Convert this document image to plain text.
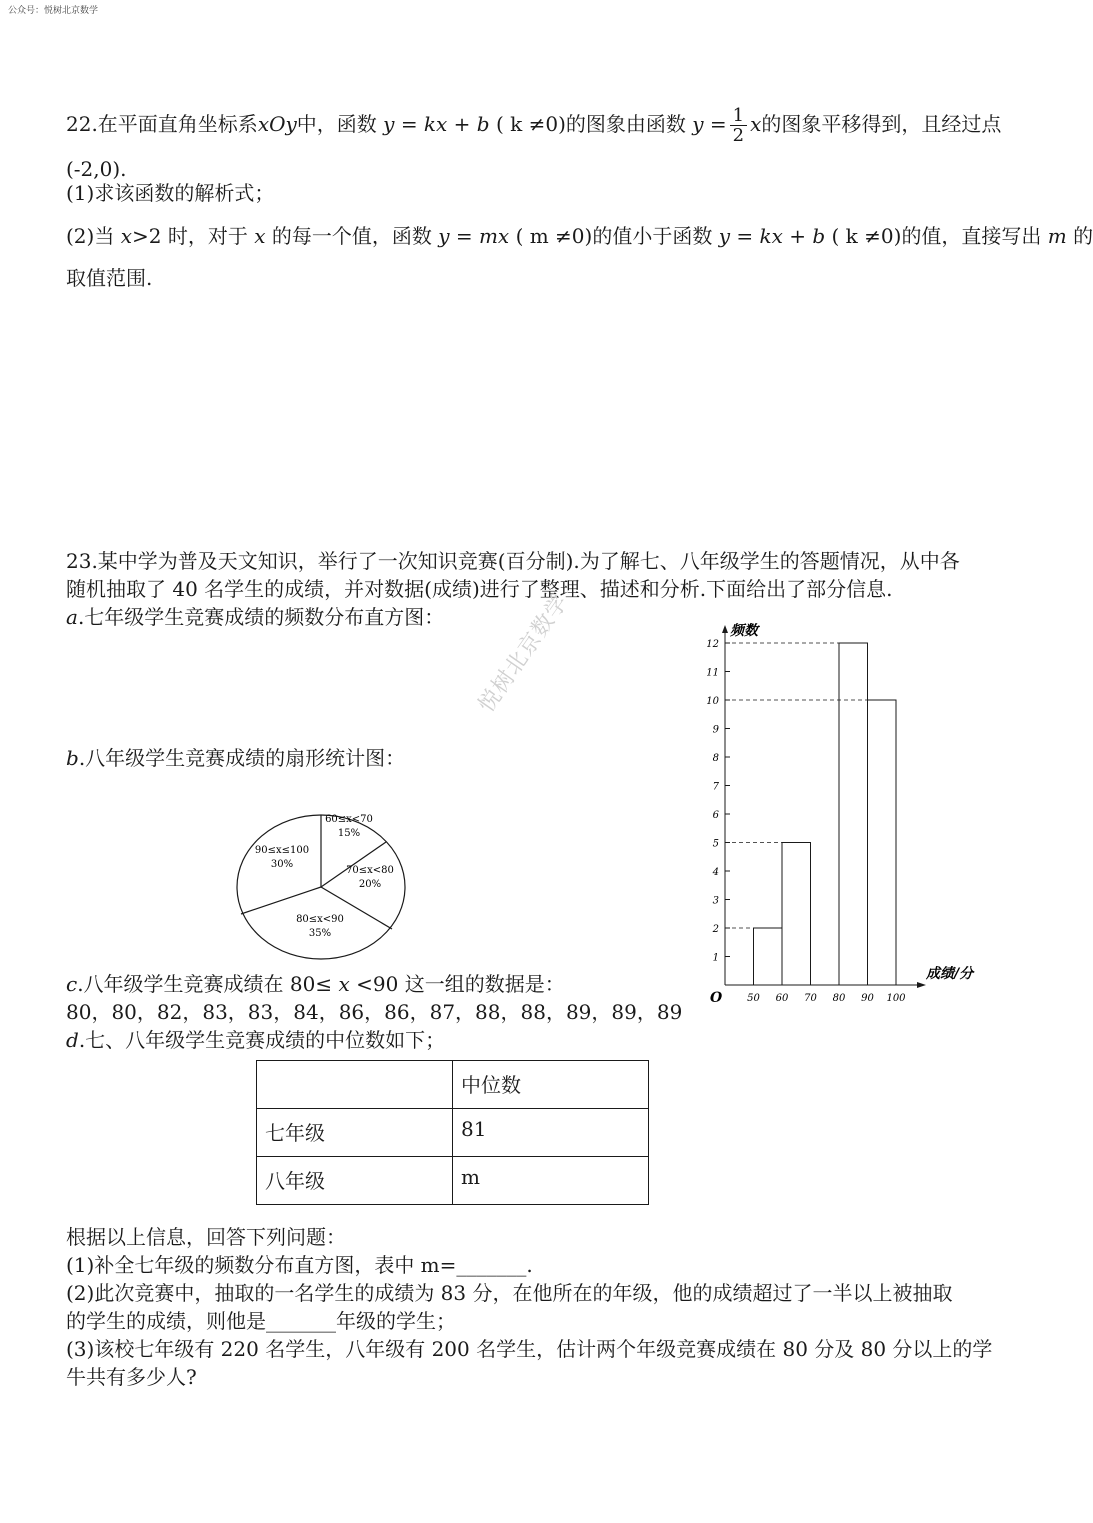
公众号：悦树北京数学
22.在平面直角坐标系xOy中，函数 y = kx + b ( k ≠0)的图象由函数 $y = \frac{1}{2}$ x的图象平移得到，且经过点
(-2,0).
(1)求该函数的解析式；
(2)当 x>2 时，对于 x 的每一个值，函数 y = mx ( m ≠0)的值小于函数 y = kx + b ( k ≠0)的值，直接写出 m 的
取值范围.
23.某中学为普及天文知识，举行了一次知识竞赛(百分制).为了解七、八年级学生的答题情况，从中各
随机抽取了 40 名学生的成绩，并对数据(成绩)进行了整理、描述和分析.下面给出了部分信息.
a.七年级学生竞赛成绩的频数分布直方图：
b.八年级学生竞赛成绩的扇形统计图：
悦树北京数学
60≤x<70
15%
70≤x<80
20%
80≤x<90
35%
90≤x≤100
30%
1
2
3
4
5
6
7
8
9
10
11
12
50 60 70 80 90 100
频数
成绩/分
O
c.八年级学生竞赛成绩在 80≤ x <90 这一组的数据是：
80，80，82，83，83，84，86，86，87，88，88，89，89，89
d.七、八年级学生竞赛成绩的中位数如下；
	中位数
七年级	81
八年级	m
根据以上信息，回答下列问题：
(1)补全七年级的频数分布直方图，表中 m=_______.
(2)此次竞赛中，抽取的一名学生的成绩为 83 分，在他所在的年级，他的成绩超过了一半以上被抽取
的学生的成绩，则他是_______年级的学生；
(3)该校七年级有 220 名学生，八年级有 200 名学生，估计两个年级竞赛成绩在 80 分及 80 分以上的学
牛共有多少人?
